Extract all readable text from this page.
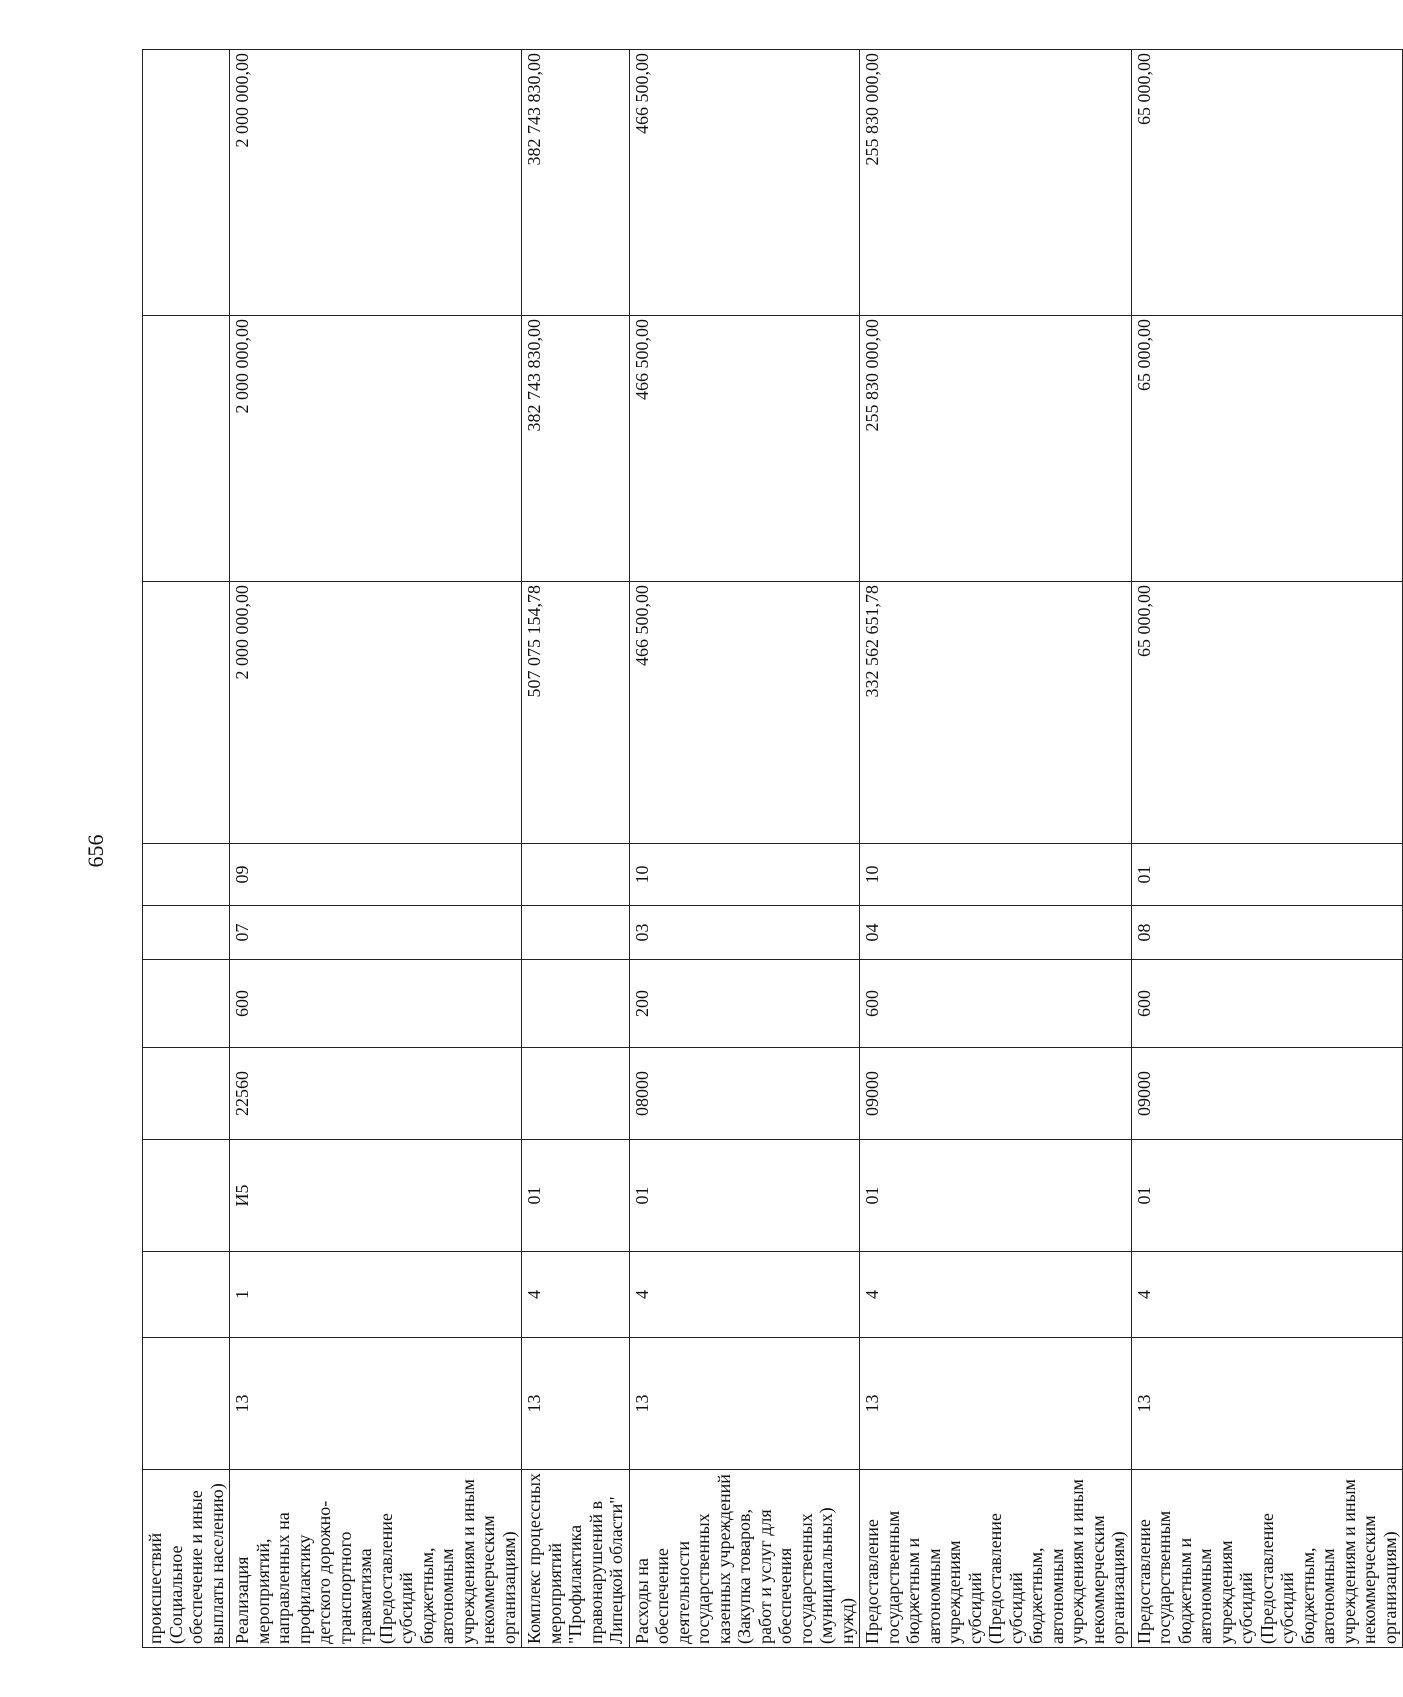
656
происшествий (Социальное обеспечение и иные выплаты населению)										
Реализация мероприятий, направленных на профилактику детского дорожно-транспортного травматизма (Предоставление субсидий бюджетным, автономным учреждениям и иным некоммерческим организациям)	13	1	И5	22560	600	07	09	2 000 000,00	2 000 000,00	2 000 000,00
Комплекс процессных мероприятий "Профилактика правонарушений в Липецкой области"	13	4	01					507 075 154,78	382 743 830,00	382 743 830,00
Расходы на обеспечение деятельности государственных казенных учреждений (Закупка товаров, работ и услуг для обеспечения государственных (муниципальных) нужд)	13	4	01	08000	200	03	10	466 500,00	466 500,00	466 500,00
Предоставление государственным бюджетным и автономным учреждениям субсидий (Предоставление субсидий бюджетным, автономным учреждениям и иным некоммерческим организациям)	13	4	01	09000	600	04	10	332 562 651,78	255 830 000,00	255 830 000,00
Предоставление государственным бюджетным и автономным учреждениям субсидий (Предоставление субсидий бюджетным, автономным учреждениям и иным некоммерческим организациям)	13	4	01	09000	600	08	01	65 000,00	65 000,00	65 000,00
